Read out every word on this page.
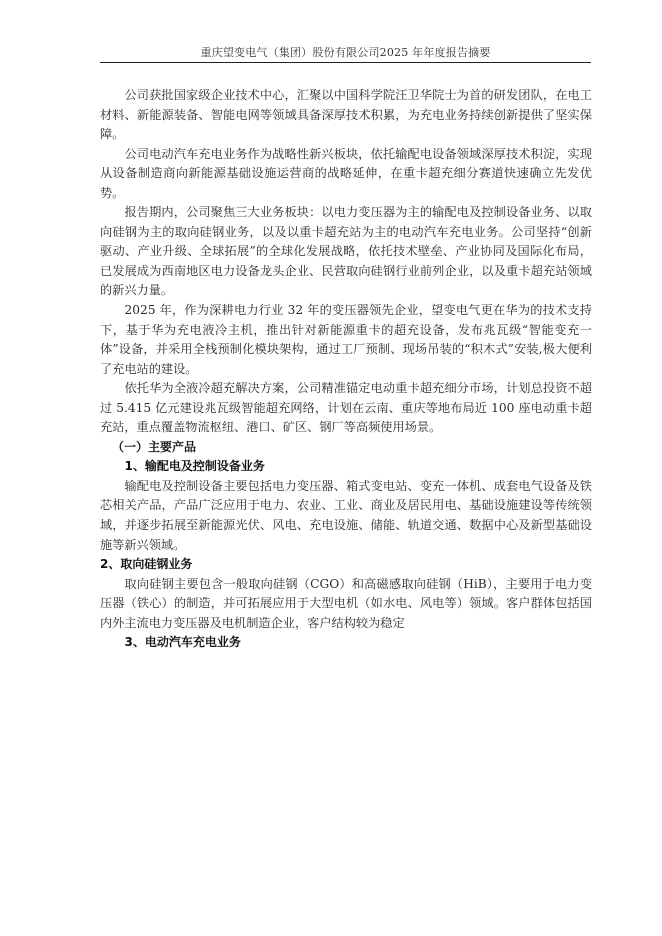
重庆望变电气（集团）股份有限公司2025 年年度报告摘要

公司获批国家级企业技术中心，汇聚以中国科学院汪卫华院士为首的研发团队，在电工材料、新能源装备、智能电网等领域具备深厚技术积累，为充电业务持续创新提供了坚实保障。

公司电动汽车充电业务作为战略性新兴板块，依托输配电设备领域深厚技术积淀，实现从设备制造商向新能源基础设施运营商的战略延伸，在重卡超充细分赛道快速确立先发优势。

报告期内，公司聚焦三大业务板块：以电力变压器为主的输配电及控制设备业务、以取向硅钢为主的取向硅钢业务，以及以重卡超充站为主的电动汽车充电业务。公司坚持“创新驱动、产业升级、全球拓展”的全球化发展战略，依托技术壁垒、产业协同及国际化布局，已发展成为西南地区电力设备龙头企业、民营取向硅钢行业前列企业，以及重卡超充站领域的新兴力量。

2025 年，作为深耕电力行业 32 年的变压器领先企业，望变电气更在华为的技术支持下，基于华为充电液冷主机，推出针对新能源重卡的超充设备，发布兆瓦级“智能变充一体”设备，并采用全栈预制化模块架构，通过工厂预制、现场吊装的“积木式”安装,极大便利了充电站的建设。

依托华为全液冷超充解决方案，公司精准锚定电动重卡超充细分市场，计划总投资不超过 5.415 亿元建设兆瓦级智能超充网络，计划在云南、重庆等地布局近 100 座电动重卡超充站，重点覆盖物流枢纽、港口、矿区、钢厂等高频使用场景。

（一）主要产品

1、输配电及控制设备业务

输配电及控制设备主要包括电力变压器、箱式变电站、变充一体机、成套电气设备及铁芯相关产品，产品广泛应用于电力、农业、工业、商业及居民用电、基础设施建设等传统领域，并逐步拓展至新能源光伏、风电、充电设施、储能、轨道交通、数据中心及新型基础设施等新兴领域。

2、取向硅钢业务

取向硅钢主要包含一般取向硅钢（CGO）和高磁感取向硅钢（HiB），主要用于电力变压器（铁心）的制造，并可拓展应用于大型电机（如水电、风电等）领域。客户群体包括国内外主流电力变压器及电机制造企业，客户结构较为稳定

3、电动汽车充电业务
